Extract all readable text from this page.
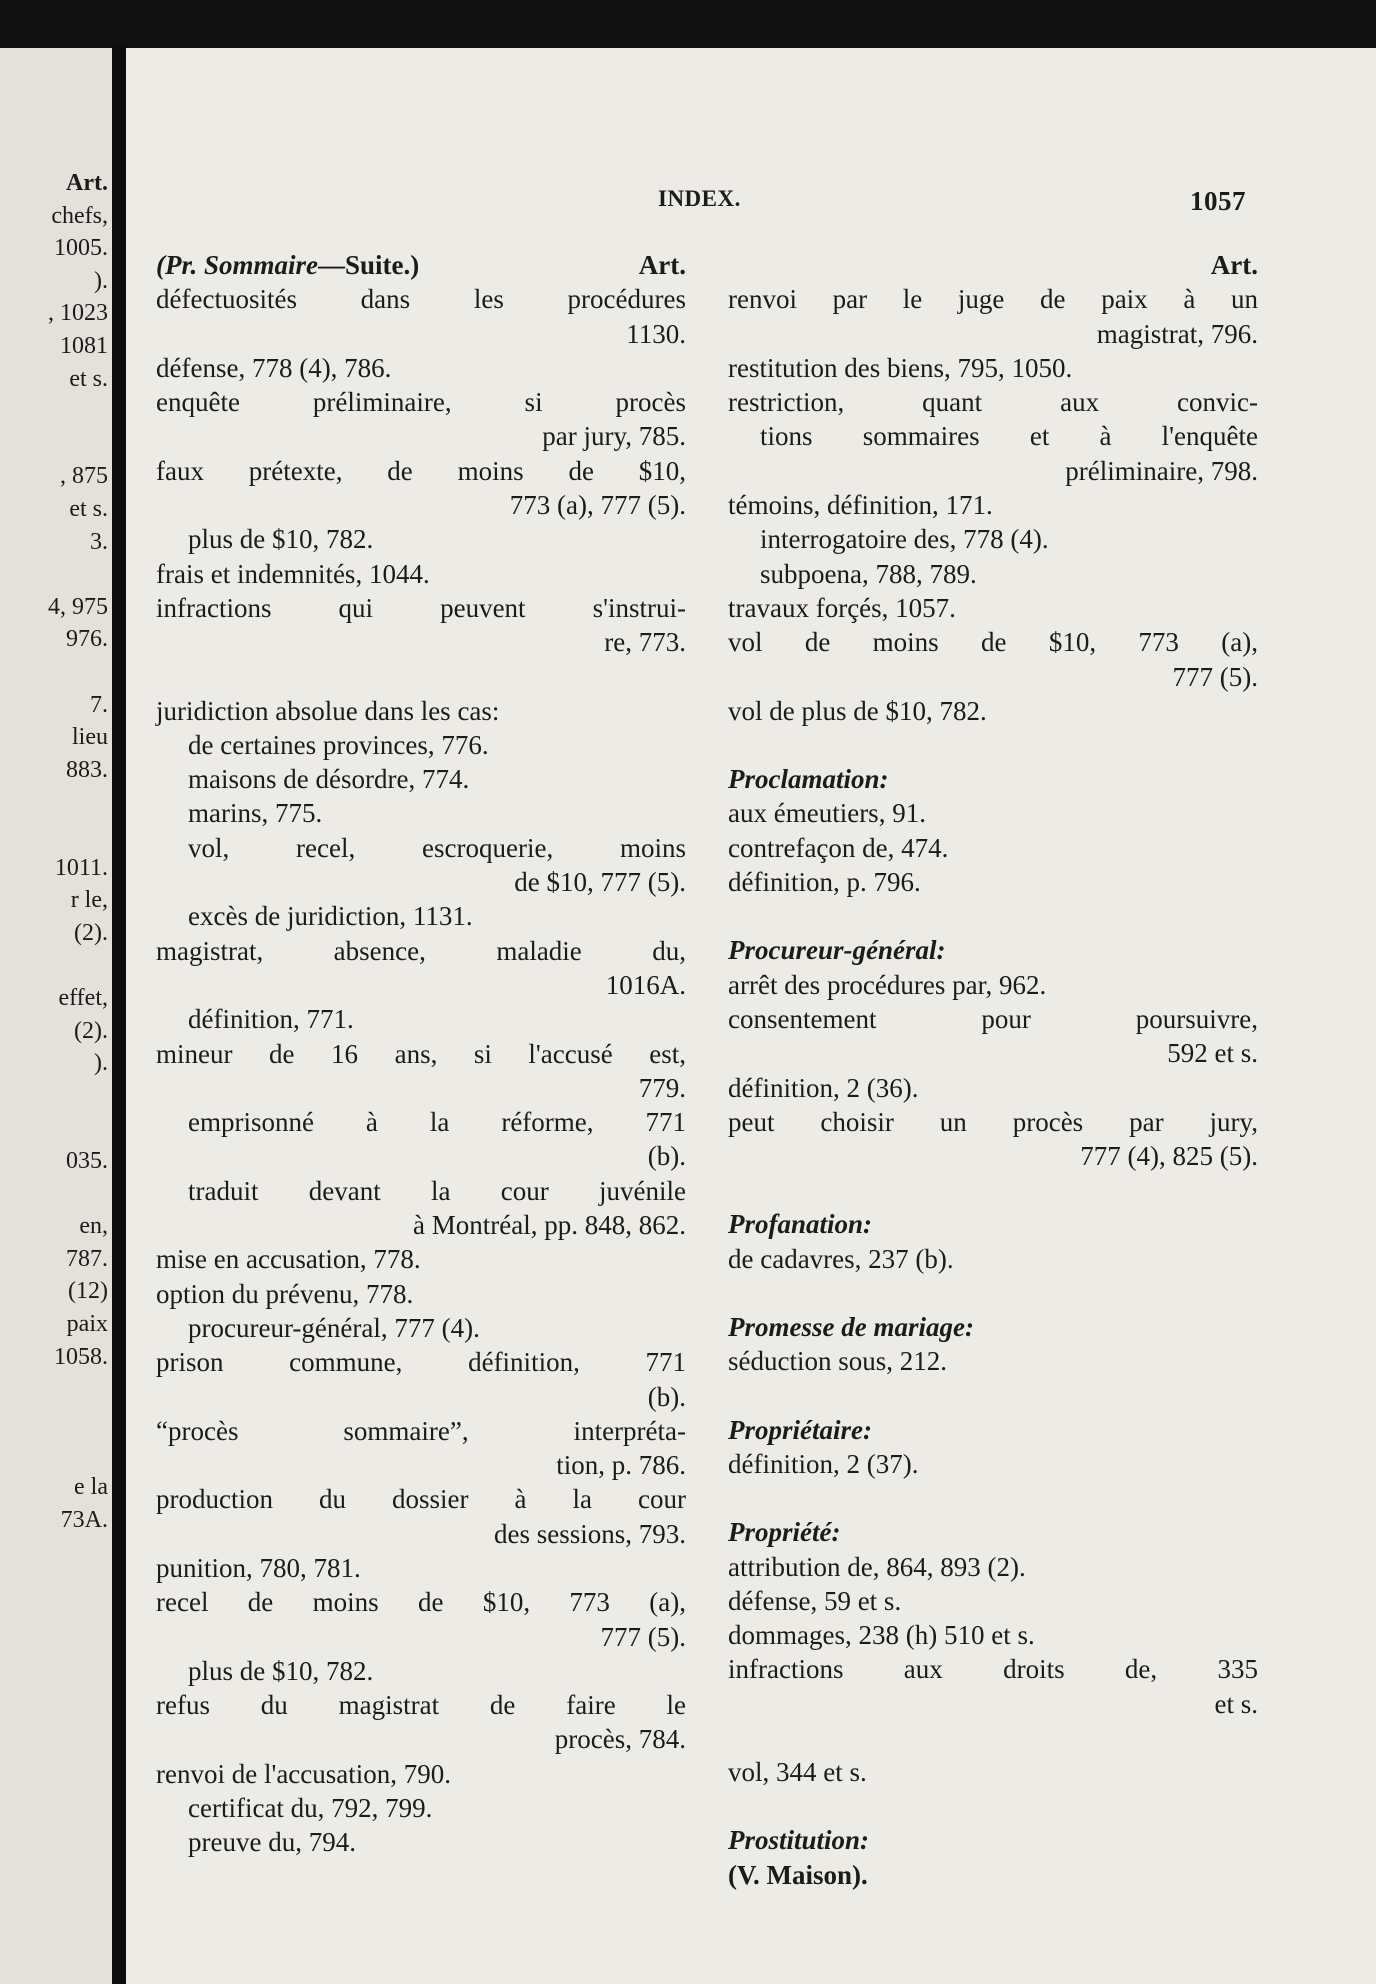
Art.
chefs,
1005.
).
, 1023
1081
et s.
, 875
et s.
3.
4, 975
976.
7.
lieu
883.
1011.
r le,
(2).
effet,
(2).
).
035.
en,
787.
(12)
paix
1058.
e la
73A.
INDEX.	1057
(Pr. Sommaire—Suite.)	Art.
défectuosités dans les procédures
1130.
défense, 778 (4), 786.
enquête préliminaire, si procès
par jury, 785.
faux prétexte, de moins de $10,
773 (a), 777 (5).
plus de $10, 782.
frais et indemnités, 1044.
infractions qui peuvent s'instrui-
re, 773.
juridiction absolue dans les cas:
de certaines provinces, 776.
maisons de désordre, 774.
marins, 775.
vol, recel, escroquerie, moins
de $10, 777 (5).
excès de juridiction, 1131.
magistrat, absence, maladie du,
1016A.
définition, 771.
mineur de 16 ans, si l'accusé est,
779.
emprisonné à la réforme, 771
(b).
traduit devant la cour juvénile
à Montréal, pp. 848, 862.
mise en accusation, 778.
option du prévenu, 778.
procureur-général, 777 (4).
prison commune, définition, 771
(b).
“procès sommaire”, interpréta-
tion, p. 786.
production du dossier à la cour
des sessions, 793.
punition, 780, 781.
recel de moins de $10, 773 (a),
777 (5).
plus de $10, 782.
refus du magistrat de faire le
procès, 784.
renvoi de l'accusation, 790.
certificat du, 792, 799.
preuve du, 794.
Art.
renvoi par le juge de paix à un
magistrat, 796.
restitution des biens, 795, 1050.
restriction, quant aux convic-
tions sommaires et à l'enquête
préliminaire, 798.
témoins, définition, 171.
interrogatoire des, 778 (4).
subpoena, 788, 789.
travaux forçés, 1057.
vol de moins de $10, 773 (a),
777 (5).
vol de plus de $10, 782.
Proclamation:
aux émeutiers, 91.
contrefaçon de, 474.
définition, p. 796.
Procureur-général:
arrêt des procédures par, 962.
consentement pour poursuivre,
592 et s.
définition, 2 (36).
peut choisir un procès par jury,
777 (4), 825 (5).
Profanation:
de cadavres, 237 (b).
Promesse de mariage:
séduction sous, 212.
Propriétaire:
définition, 2 (37).
Propriété:
attribution de, 864, 893 (2).
défense, 59 et s.
dommages, 238 (h) 510 et s.
infractions aux droits de, 335
et s.
vol, 344 et s.
Prostitution:
(V. Maison).
